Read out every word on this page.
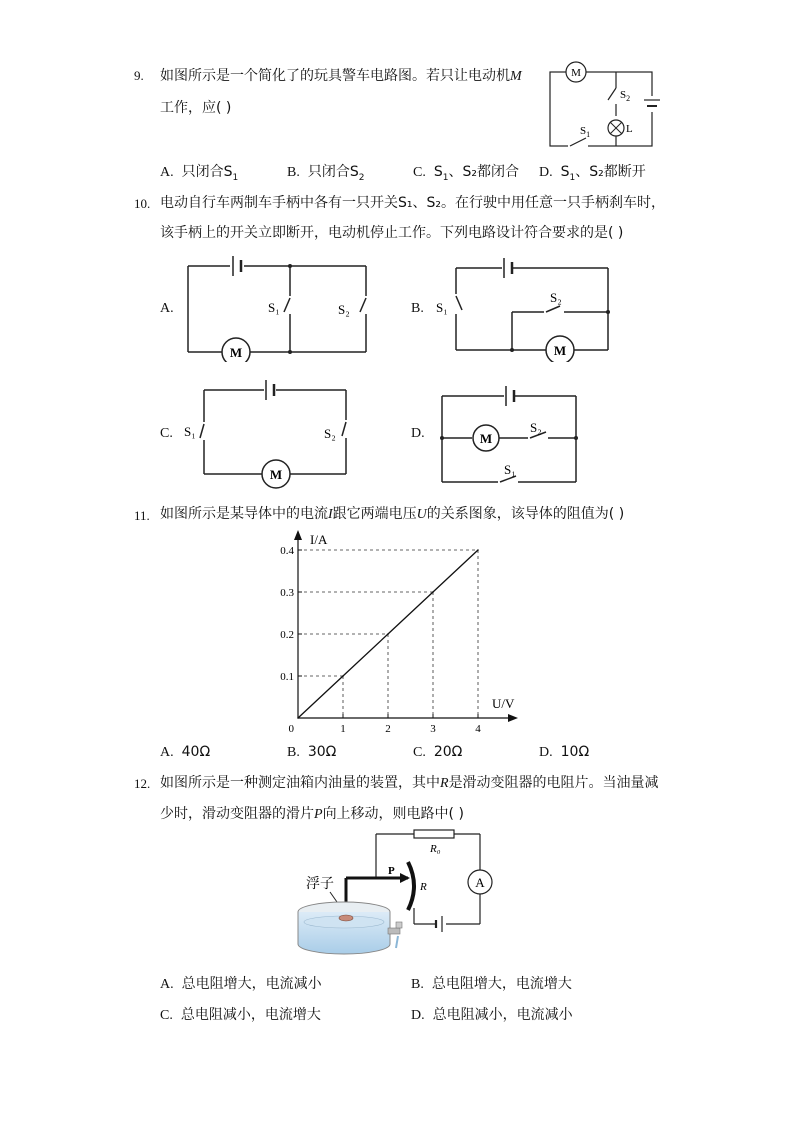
9. 如图所示是一个简化了的玩具警车电路图。若只让电动机M
工作，应( )
M
$S_2$
L
$S_1$
A. 只闭合$S_1$	B. 只闭合$S_2$	C. $S_1$、S₂都闭合 D. $S_1$、S₂都断开
10. 电动自行车两制车手柄中各有一只开关S₁、S₂。在行驶中用任意一只手柄刹车时，
该手柄上的开关立即断开，电动机停止工作。下列电路设计符合要求的是( )
A.
M
S₁	S₂	B. S₁
M
S₂
C. S₁
M
S₂	D.	M
S₂
S₁
11. 如图所示是某导体中的电流I跟它两端电压U的关系图象，该导体的阻值为( )
I/A
U/V
0	1	2	3	4
0.1
0.2
0.3
0.4
A. 40Ω	B. 30Ω	C. 20Ω	D. 10Ω
12. 如图所示是一种测定油箱内油量的装置，其中R是滑动变阻器的电阻片。当油量减
少时，滑动变阻器的滑片P向上移动，则电路中( )
R₀
A
R
P
浮子
A. 总电阻增大，电流减小	B. 总电阻增大，电流增大
C. 总电阻减小，电流增大	D. 总电阻减小，电流减小
